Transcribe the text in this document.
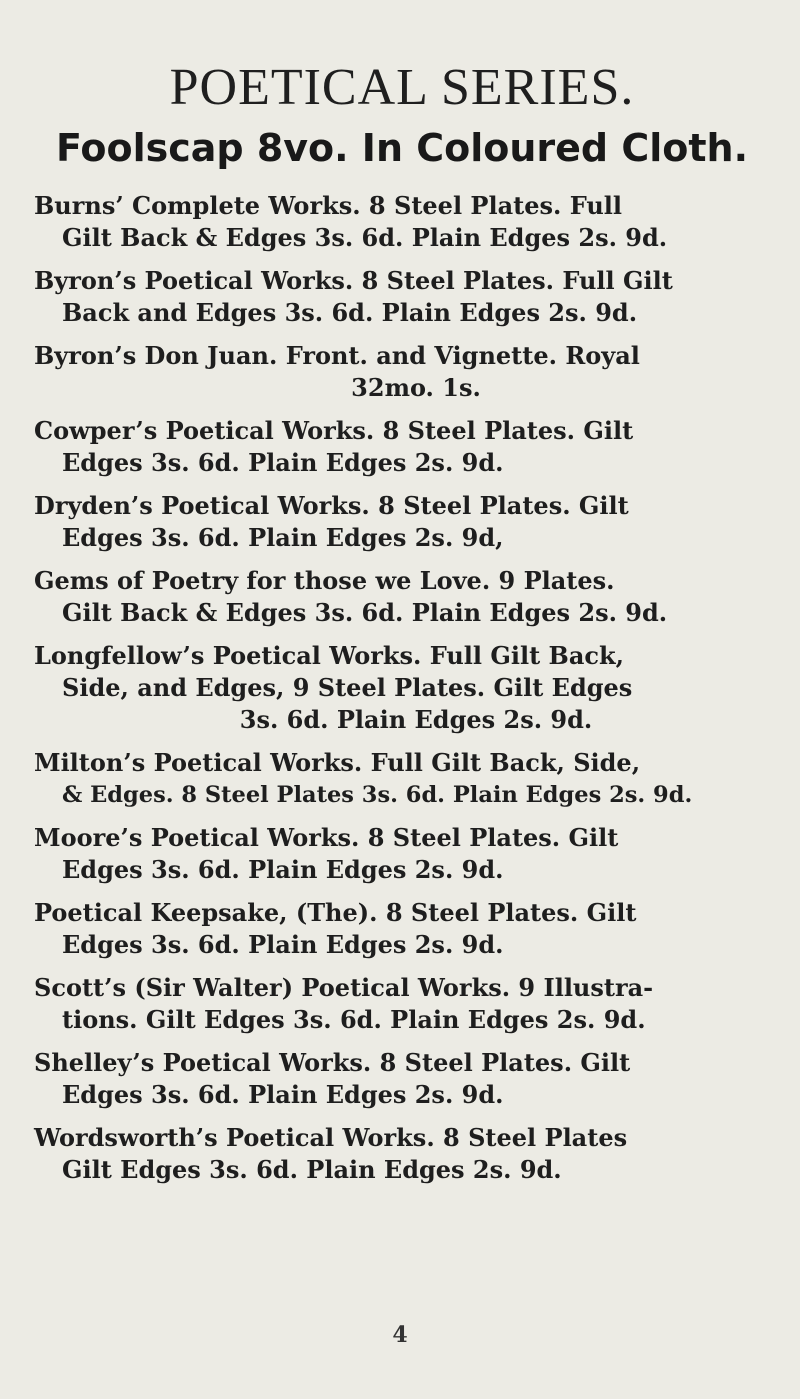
POETICAL SERIES.
Foolscap 8vo. In Coloured Cloth.
Burns’ Complete Works. 8 Steel Plates. Full
Gilt Back & Edges 3s. 6d. Plain Edges 2s. 9d.
Byron’s Poetical Works. 8 Steel Plates. Full Gilt
Back and Edges 3s. 6d. Plain Edges 2s. 9d.
Byron’s Don Juan. Front. and Vignette. Royal
32mo. 1s.
Cowper’s Poetical Works. 8 Steel Plates. Gilt
Edges 3s. 6d. Plain Edges 2s. 9d.
Dryden’s Poetical Works. 8 Steel Plates. Gilt
Edges 3s. 6d. Plain Edges 2s. 9d,
Gems of Poetry for those we Love. 9 Plates.
Gilt Back & Edges 3s. 6d. Plain Edges 2s. 9d.
Longfellow’s Poetical Works. Full Gilt Back,
Side, and Edges, 9 Steel Plates. Gilt Edges
3s. 6d. Plain Edges 2s. 9d.
Milton’s Poetical Works. Full Gilt Back, Side,
& Edges. 8 Steel Plates 3s. 6d. Plain Edges 2s. 9d.
Moore’s Poetical Works. 8 Steel Plates. Gilt
Edges 3s. 6d. Plain Edges 2s. 9d.
Poetical Keepsake, (The). 8 Steel Plates. Gilt
Edges 3s. 6d. Plain Edges 2s. 9d.
Scott’s (Sir Walter) Poetical Works. 9 Illustra-
tions. Gilt Edges 3s. 6d. Plain Edges 2s. 9d.
Shelley’s Poetical Works. 8 Steel Plates. Gilt
Edges 3s. 6d. Plain Edges 2s. 9d.
Wordsworth’s Poetical Works. 8 Steel Plates
Gilt Edges 3s. 6d. Plain Edges 2s. 9d.
4
